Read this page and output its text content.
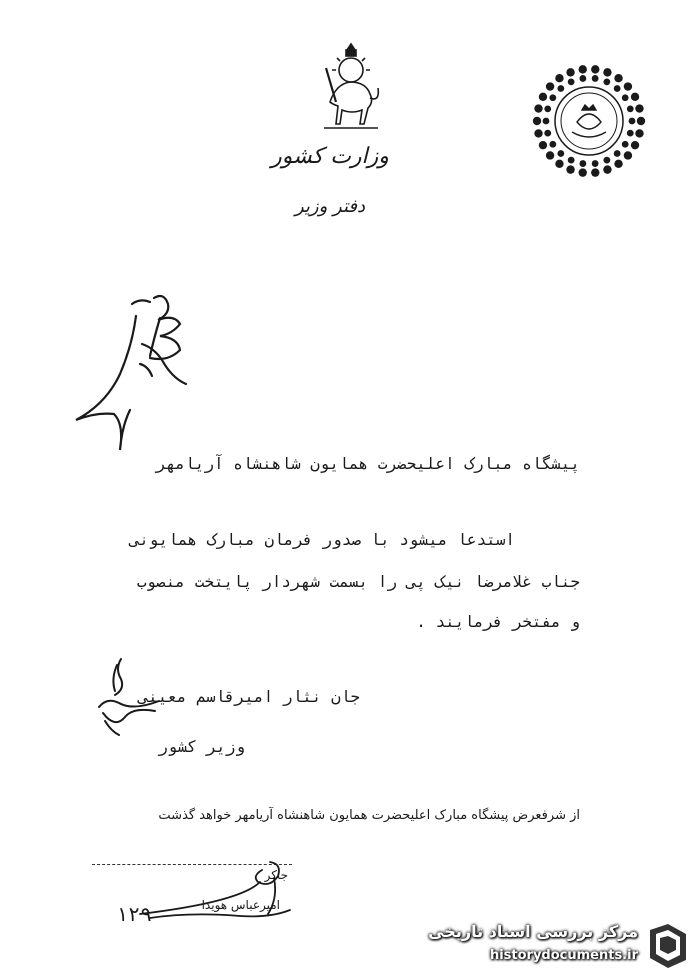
وزارت کشور
دفتر وزیر
پیشگاه مبارک اعلیحضرت همایون شاهنشاه آریامهر
استدعا میشود با صدور فرمان مبارک همایونی
جناب غلامرضا نیک پی را بسمت شهردار پایتخت منصوب
و مفتخر فرمایند .
جان نثار امیرقاسم معینی
وزیر کشور
از شرفعرض پیشگاه مبارک اعلیحضرت همایون شاهنشاه آریامهر خواهد گذشت
جاکر
امیرعباس هویدا
۱۲۹
مرکز بررسی اسناد تاریخی
historydocuments.ir
